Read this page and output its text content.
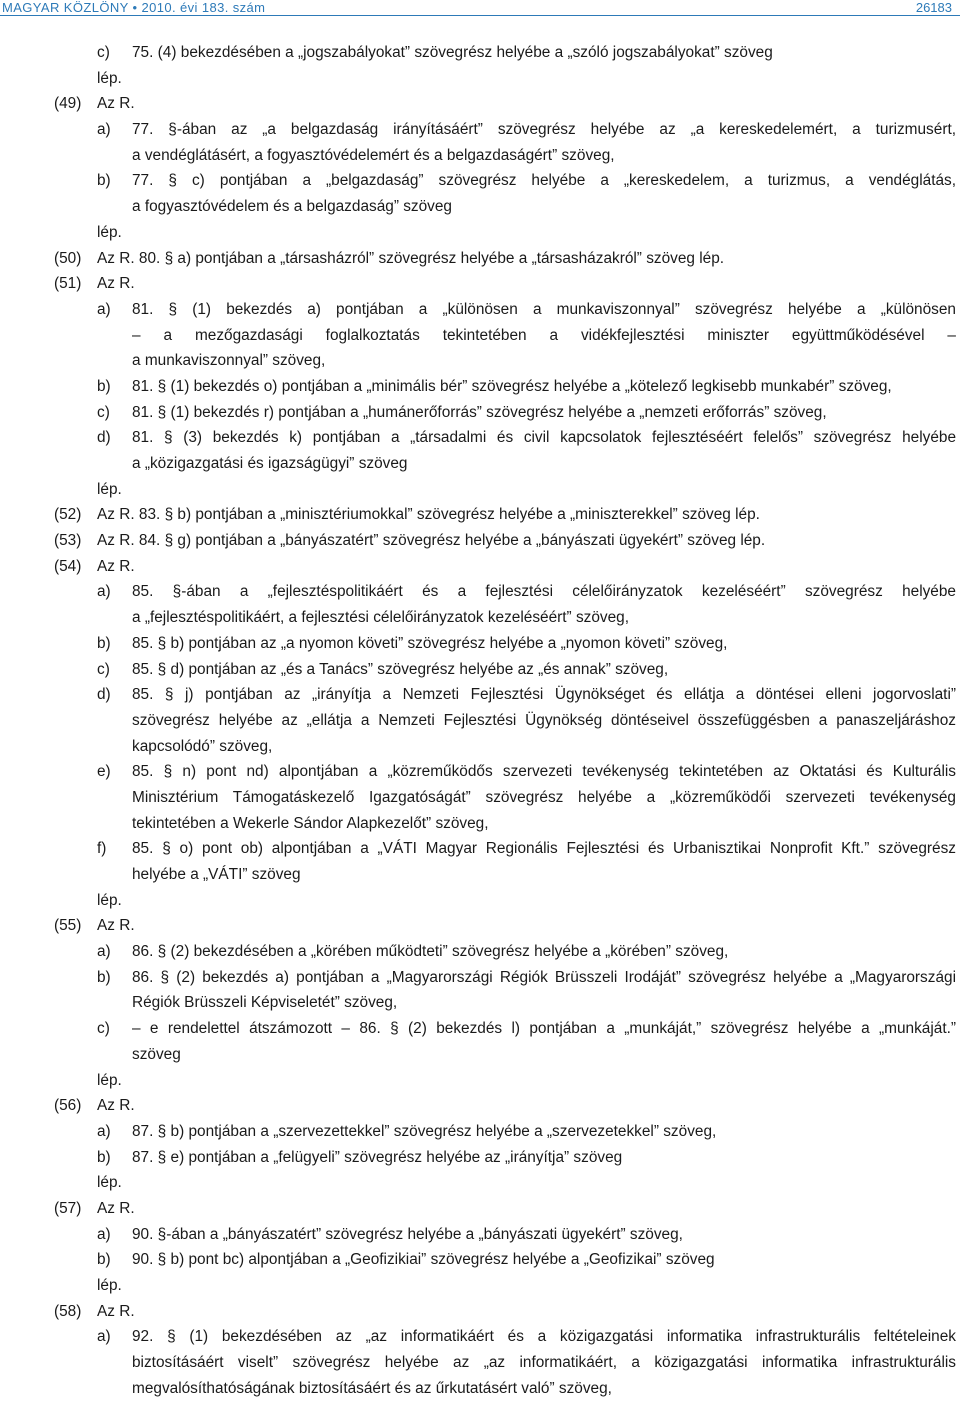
MAGYAR KÖZLÖNY • 2010. évi 183. szám	26183
c) 75. (4) bekezdésében a „jogszabályokat” szövegrész helyébe a „szóló jogszabályokat” szöveg
lép.
(49) Az R.
a) 77. §-ában az „a belgazdaság irányításáért” szövegrész helyébe az „a kereskedelemért, a turizmusért,
a vendéglátásért, a fogyasztóvédelemért és a belgazdaságért” szöveg,
b) 77. § c) pontjában a „belgazdaság” szövegrész helyébe a „kereskedelem, a turizmus, a vendéglátás,
a fogyasztóvédelem és a belgazdaság” szöveg
lép.
(50) Az R. 80. § a) pontjában a „társasházról” szövegrész helyébe a „társasházakról” szöveg lép.
(51) Az R.
a) 81. § (1) bekezdés a) pontjában a „különösen a munkaviszonnyal” szövegrész helyébe a „különösen
– a mezőgazdasági foglalkoztatás tekintetében a vidékfejlesztési miniszter együttműködésével –
a munkaviszonnyal” szöveg,
b) 81. § (1) bekezdés o) pontjában a „minimális bér” szövegrész helyébe a „kötelező legkisebb munkabér” szöveg,
c) 81. § (1) bekezdés r) pontjában a „humánerőforrás” szövegrész helyébe a „nemzeti erőforrás” szöveg,
d) 81. § (3) bekezdés k) pontjában a „társadalmi és civil kapcsolatok fejlesztéséért felelős” szövegrész helyébe
a „közigazgatási és igazságügyi” szöveg
lép.
(52) Az R. 83. § b) pontjában a „minisztériumokkal” szövegrész helyébe a „miniszterekkel” szöveg lép.
(53) Az R. 84. § g) pontjában a „bányászatért” szövegrész helyébe a „bányászati ügyekért” szöveg lép.
(54) Az R.
a) 85. §-ában a „fejlesztéspolitikáért és a fejlesztési célelőirányzatok kezeléséért” szövegrész helyébe
a „fejlesztéspolitikáért, a fejlesztési célelőirányzatok kezeléséért” szöveg,
b) 85. § b) pontjában az „a nyomon követi” szövegrész helyébe a „nyomon követi” szöveg,
c) 85. § d) pontjában az „és a Tanács” szövegrész helyébe az „és annak” szöveg,
d) 85. § j) pontjában az „irányítja a Nemzeti Fejlesztési Ügynökséget és ellátja a döntései elleni jogorvoslati”
szövegrész helyébe az „ellátja a Nemzeti Fejlesztési Ügynökség döntéseivel összefüggésben a panaszeljáráshoz
kapcsolódó” szöveg,
e) 85. § n) pont nd) alpontjában a „közreműködős szervezeti tevékenység tekintetében az Oktatási és Kulturális
Minisztérium Támogatáskezelő Igazgatóságát” szövegrész helyébe a „közreműködői szervezeti tevékenység
tekintetében a Wekerle Sándor Alapkezelőt” szöveg,
f) 85. § o) pont ob) alpontjában a „VÁTI Magyar Regionális Fejlesztési és Urbanisztikai Nonprofit Kft.” szövegrész
helyébe a „VÁTI” szöveg
lép.
(55) Az R.
a) 86. § (2) bekezdésében a „körében működteti” szövegrész helyébe a „körében” szöveg,
b) 86. § (2) bekezdés a) pontjában a „Magyarországi Régiók Brüsszeli Irodáját” szövegrész helyébe a „Magyarországi
Régiók Brüsszeli Képviseletét” szöveg,
c) – e rendelettel átszámozott – 86. § (2) bekezdés l) pontjában a „munkáját,” szövegrész helyébe a „munkáját.”
szöveg
lép.
(56) Az R.
a) 87. § b) pontjában a „szervezettekkel” szövegrész helyébe a „szervezetekkel” szöveg,
b) 87. § e) pontjában a „felügyeli” szövegrész helyébe az „irányítja” szöveg
lép.
(57) Az R.
a) 90. §-ában a „bányászatért” szövegrész helyébe a „bányászati ügyekért” szöveg,
b) 90. § b) pont bc) alpontjában a „Geofizikiai” szövegrész helyébe a „Geofizikai” szöveg
lép.
(58) Az R.
a) 92. § (1) bekezdésében az „az informatikáért és a közigazgatási informatika infrastrukturális feltételeinek
biztosításáért viselt” szövegrész helyébe az „az informatikáért, a közigazgatási informatika infrastrukturális
megvalósíthatóságának biztosításáért és az űrkutatásért való” szöveg,
